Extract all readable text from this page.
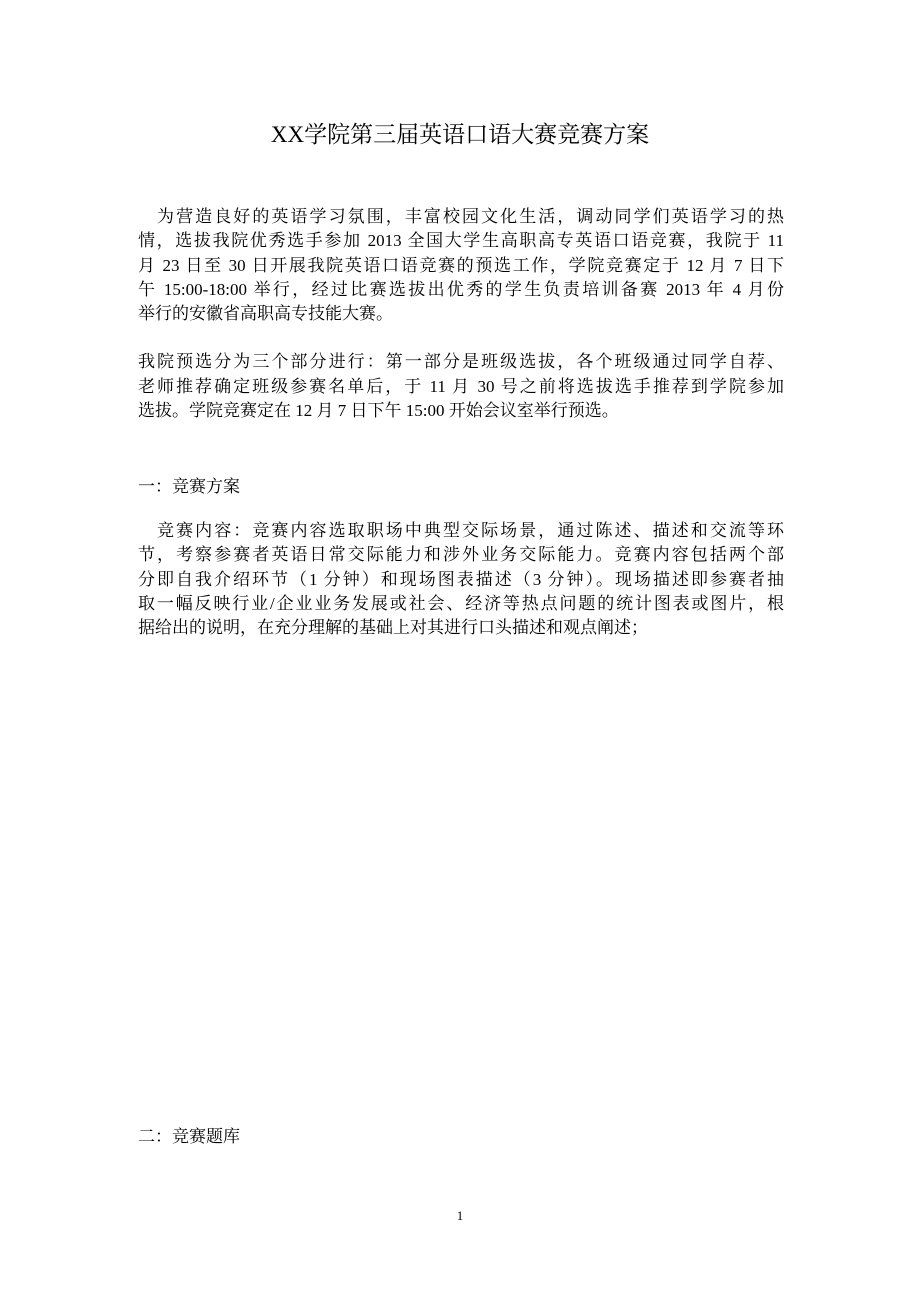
XX学院第三届英语口语大赛竞赛方案
　为营造良好的英语学习氛围，丰富校园文化生活，调动同学们英语学习的热
情，选拔我院优秀选手参加 2013 全国大学生高职高专英语口语竞赛，我院于 11
月 23 日至 30 日开展我院英语口语竞赛的预选工作，学院竞赛定于 12 月 7 日下
午 15:00-18:00 举行，经过比赛选拔出优秀的学生负责培训备赛 2013 年 4 月份
举行的安徽省高职高专技能大赛。
我院预选分为三个部分进行：第一部分是班级选拔，各个班级通过同学自荐、
老师推荐确定班级参赛名单后，于 11 月 30 号之前将选拔选手推荐到学院参加
选拔。学院竞赛定在 12 月 7 日下午 15:00 开始会议室举行预选。
一：竞赛方案
　竞赛内容：竞赛内容选取职场中典型交际场景，通过陈述、描述和交流等环
节，考察参赛者英语日常交际能力和涉外业务交际能力。竞赛内容包括两个部
分即自我介绍环节（1 分钟）和现场图表描述（3 分钟）。现场描述即参赛者抽
取一幅反映行业/企业业务发展或社会、经济等热点问题的统计图表或图片，根
据给出的说明，在充分理解的基础上对其进行口头描述和观点阐述；
二：竞赛题库
1
